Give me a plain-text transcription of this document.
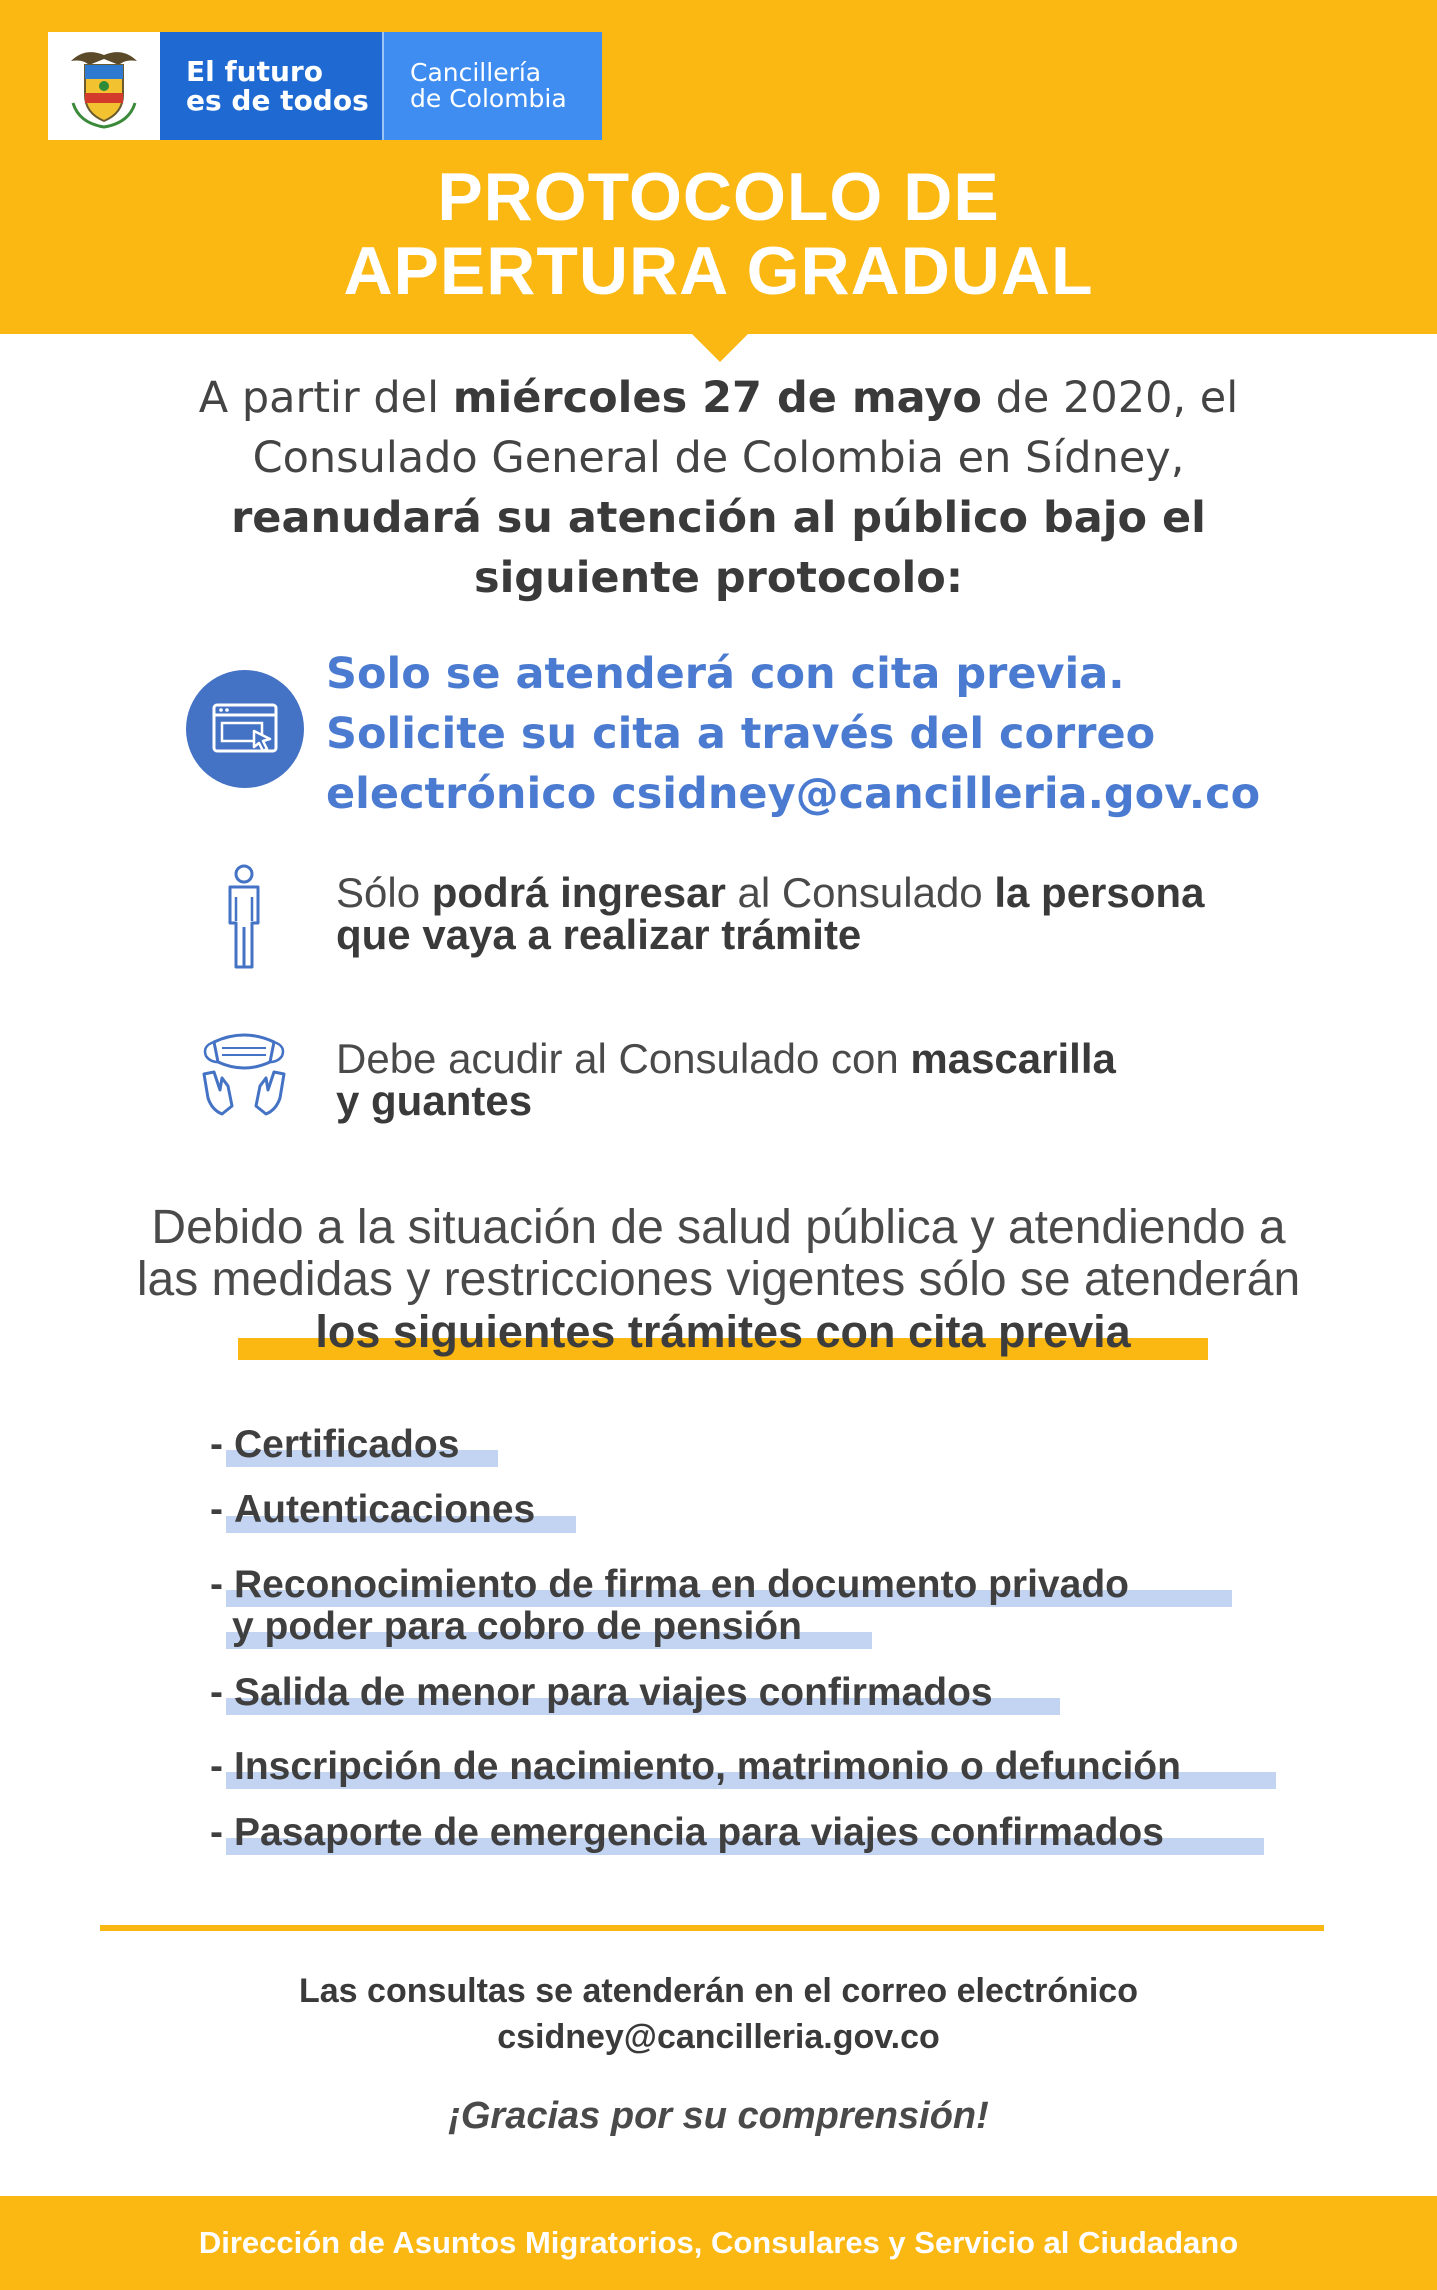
El futuro
es de todos
Cancillería
de Colombia
PROTOCOLO DE
APERTURA GRADUAL
A partir del miércoles 27 de mayo de 2020, el Consulado General de Colombia en Sídney, reanudará su atención al público bajo el siguiente protocolo:
Solo se atenderá con cita previa.
Solicite su cita a través del correo
electrónico csidney@cancilleria.gov.co
Sólo podrá ingresar al Consulado la persona
que vaya a realizar trámite
Debe acudir al Consulado con mascarilla
y guantes
Debido a la situación de salud pública y atendiendo a
las medidas y restricciones vigentes sólo se atenderán
los siguientes trámites con cita previa
- Certificados
- Autenticaciones
- Reconocimiento de firma en documento privado
y poder para cobro de pensión
- Salida de menor para viajes confirmados
- Inscripción de nacimiento, matrimonio o defunción
- Pasaporte de emergencia para viajes confirmados
Las consultas se atenderán en el correo electrónico
csidney@cancilleria.gov.co
¡Gracias por su comprensión!
Dirección de Asuntos Migratorios, Consulares y Servicio al Ciudadano
